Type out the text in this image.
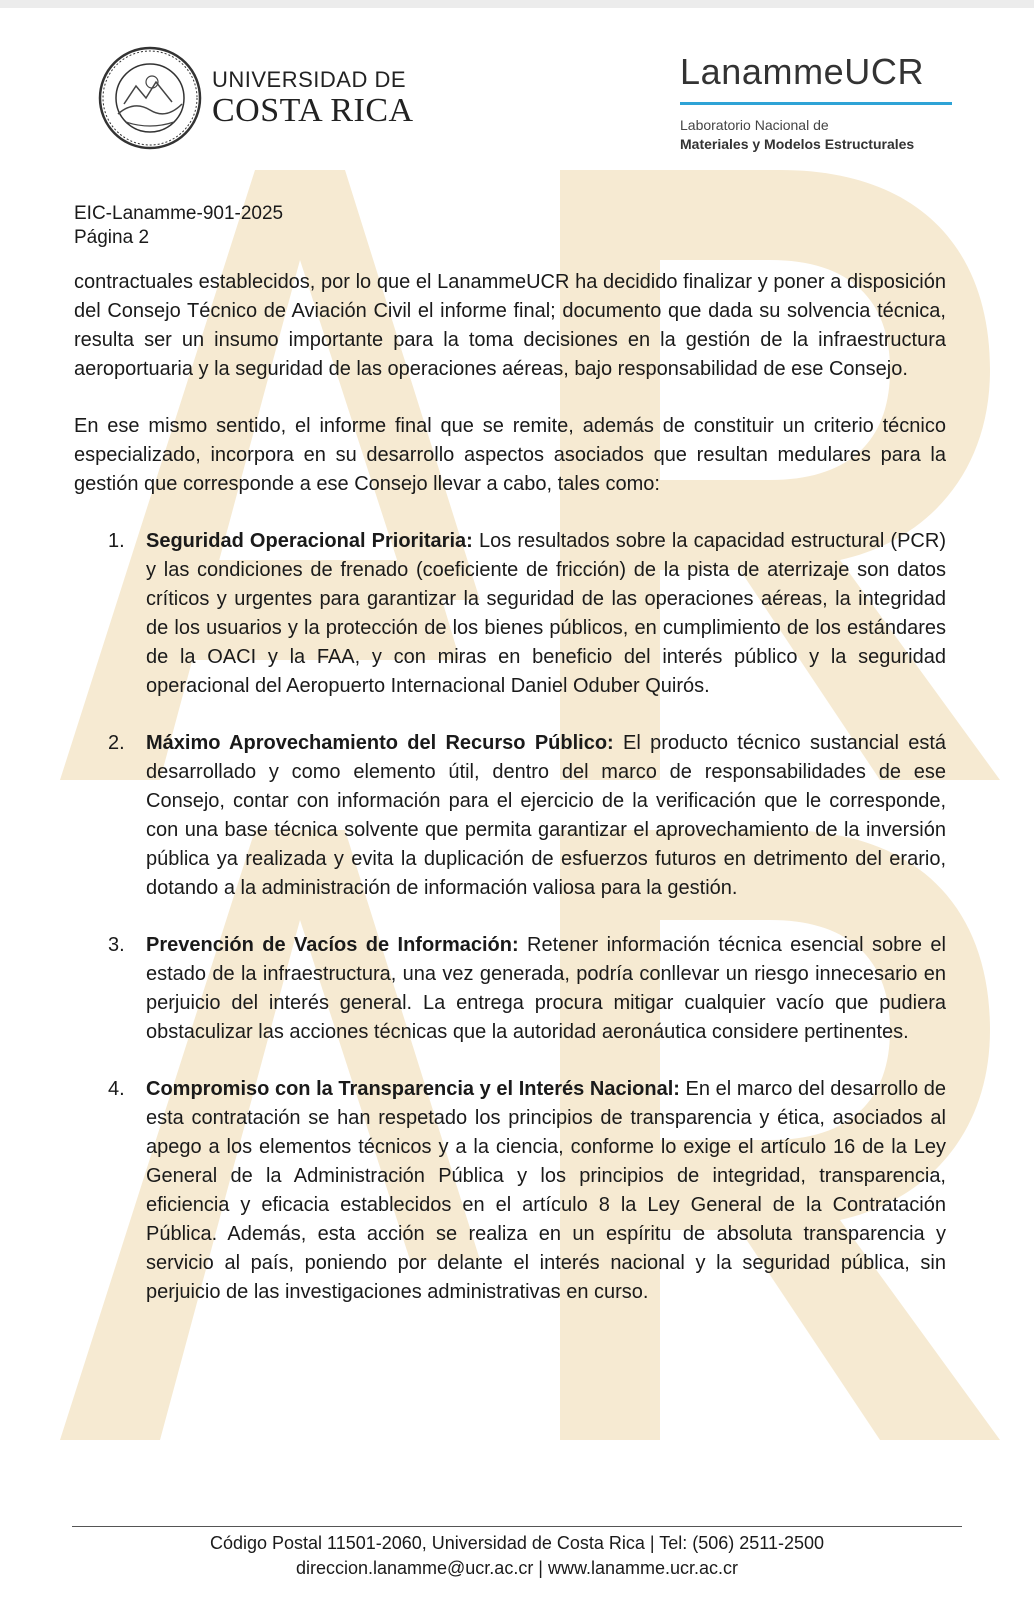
UNIVERSIDAD DE
COSTA RICA
LanammeUCR
Laboratorio Nacional de
Materiales y Modelos Estructurales
EIC-Lanamme-901-2025
Página 2

contractuales establecidos, por lo que el LanammeUCR ha decidido finalizar y poner a disposición del Consejo Técnico de Aviación Civil el informe final; documento que dada su solvencia técnica, resulta ser un insumo importante para la toma decisiones en la gestión de la infraestructura aeroportuaria y la seguridad de las operaciones aéreas, bajo responsabilidad de ese Consejo.

En ese mismo sentido, el informe final que se remite, además de constituir un criterio técnico especializado, incorpora en su desarrollo aspectos asociados que resultan medulares para la gestión que corresponde a ese Consejo llevar a cabo, tales como:

1. Seguridad Operacional Prioritaria: Los resultados sobre la capacidad estructural (PCR) y las condiciones de frenado (coeficiente de fricción) de la pista de aterrizaje son datos críticos y urgentes para garantizar la seguridad de las operaciones aéreas, la integridad de los usuarios y la protección de los bienes públicos, en cumplimiento de los estándares de la OACI y la FAA, y con miras en beneficio del interés público y la seguridad operacional del Aeropuerto Internacional Daniel Oduber Quirós.
2. Máximo Aprovechamiento del Recurso Público: El producto técnico sustancial está desarrollado y como elemento útil, dentro del marco de responsabilidades de ese Consejo, contar con información para el ejercicio de la verificación que le corresponde, con una base técnica solvente que permita garantizar el aprovechamiento de la inversión pública ya realizada y evita la duplicación de esfuerzos futuros en detrimento del erario, dotando a la administración de información valiosa para la gestión.
3. Prevención de Vacíos de Información: Retener información técnica esencial sobre el estado de la infraestructura, una vez generada, podría conllevar un riesgo innecesario en perjuicio del interés general. La entrega procura mitigar cualquier vacío que pudiera obstaculizar las acciones técnicas que la autoridad aeronáutica considere pertinentes.
4. Compromiso con la Transparencia y el Interés Nacional: En el marco del desarrollo de esta contratación se han respetado los principios de transparencia y ética, asociados al apego a los elementos técnicos y a la ciencia, conforme lo exige el artículo 16 de la Ley General de la Administración Pública y los principios de integridad, transparencia, eficiencia y eficacia establecidos en el artículo 8 la Ley General de la Contratación Pública. Además, esta acción se realiza en un espíritu de absoluta transparencia y servicio al país, poniendo por delante el interés nacional y la seguridad pública, sin perjuicio de las investigaciones administrativas en curso.
Código Postal 11501-2060, Universidad de Costa Rica | Tel: (506) 2511-2500
direccion.lanamme@ucr.ac.cr | www.lanamme.ucr.ac.cr
